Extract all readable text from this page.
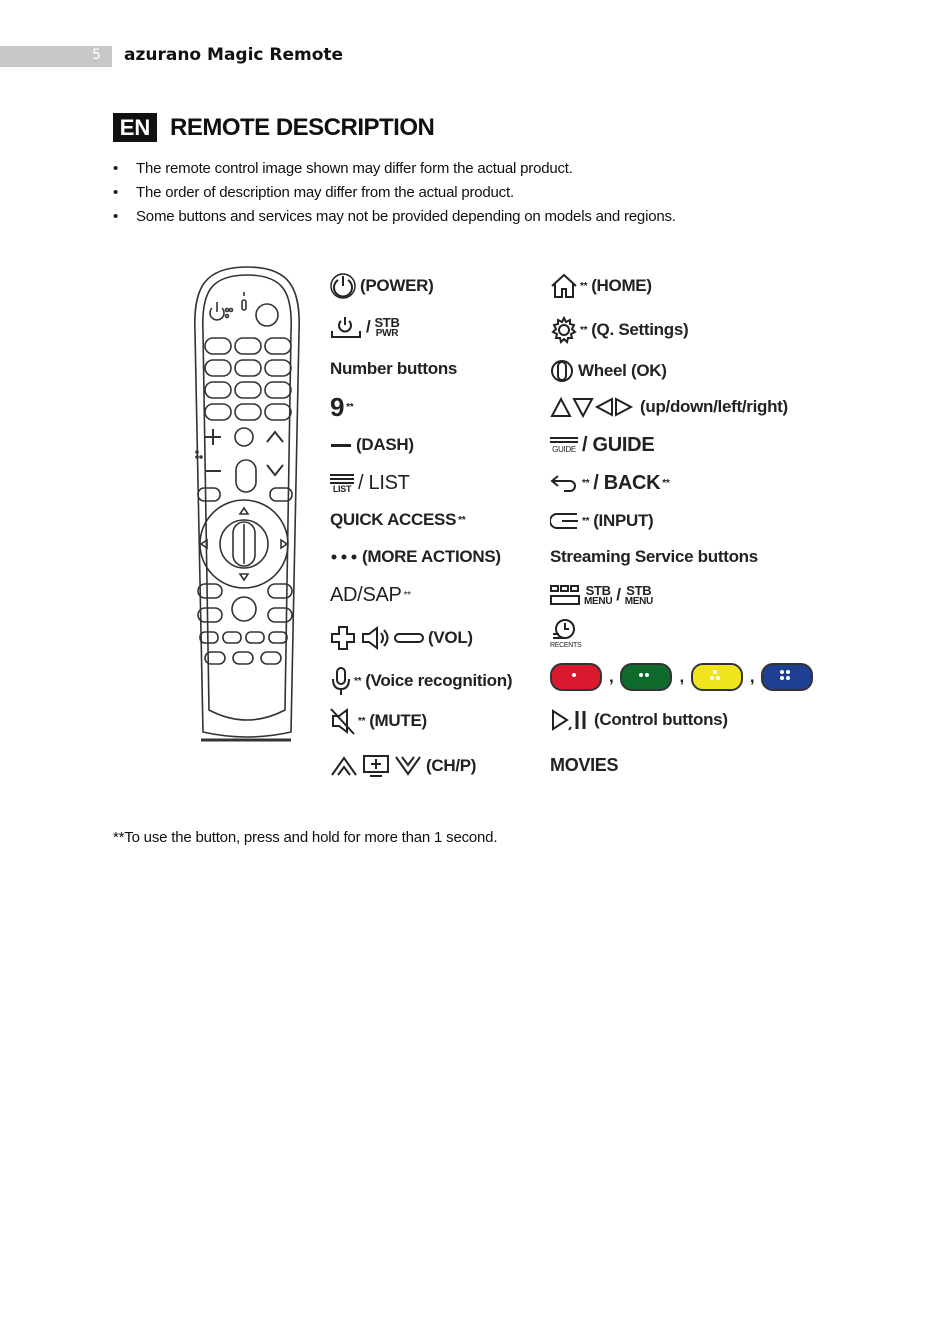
5 azurano Magic Remote
EN REMOTE DESCRIPTION
• The remote control image shown may differ form the actual product.
• The order of description may differ from the actual product.
• Some buttons and services may not be provided depending on models and regions.
(POWER)
/ STB
PWR
Number buttons
9 **
(DASH)
LIST / LIST
QUICK ACCESS **
(MORE ACTIONS)
AD/SAP **
(VOL)
** (Voice recognition)
** (MUTE)
(CH/P)
** (HOME)
** (Q. Settings)
Wheel (OK)
(up/down/left/right)
GUIDE / GUIDE
** / BACK **
** (INPUT)
Streaming Service buttons
STB
MENU / STB
MENU
RECENTS
,	,	,
(Control buttons)
MOVIES
**To use the button, press and hold for more than 1 second.
